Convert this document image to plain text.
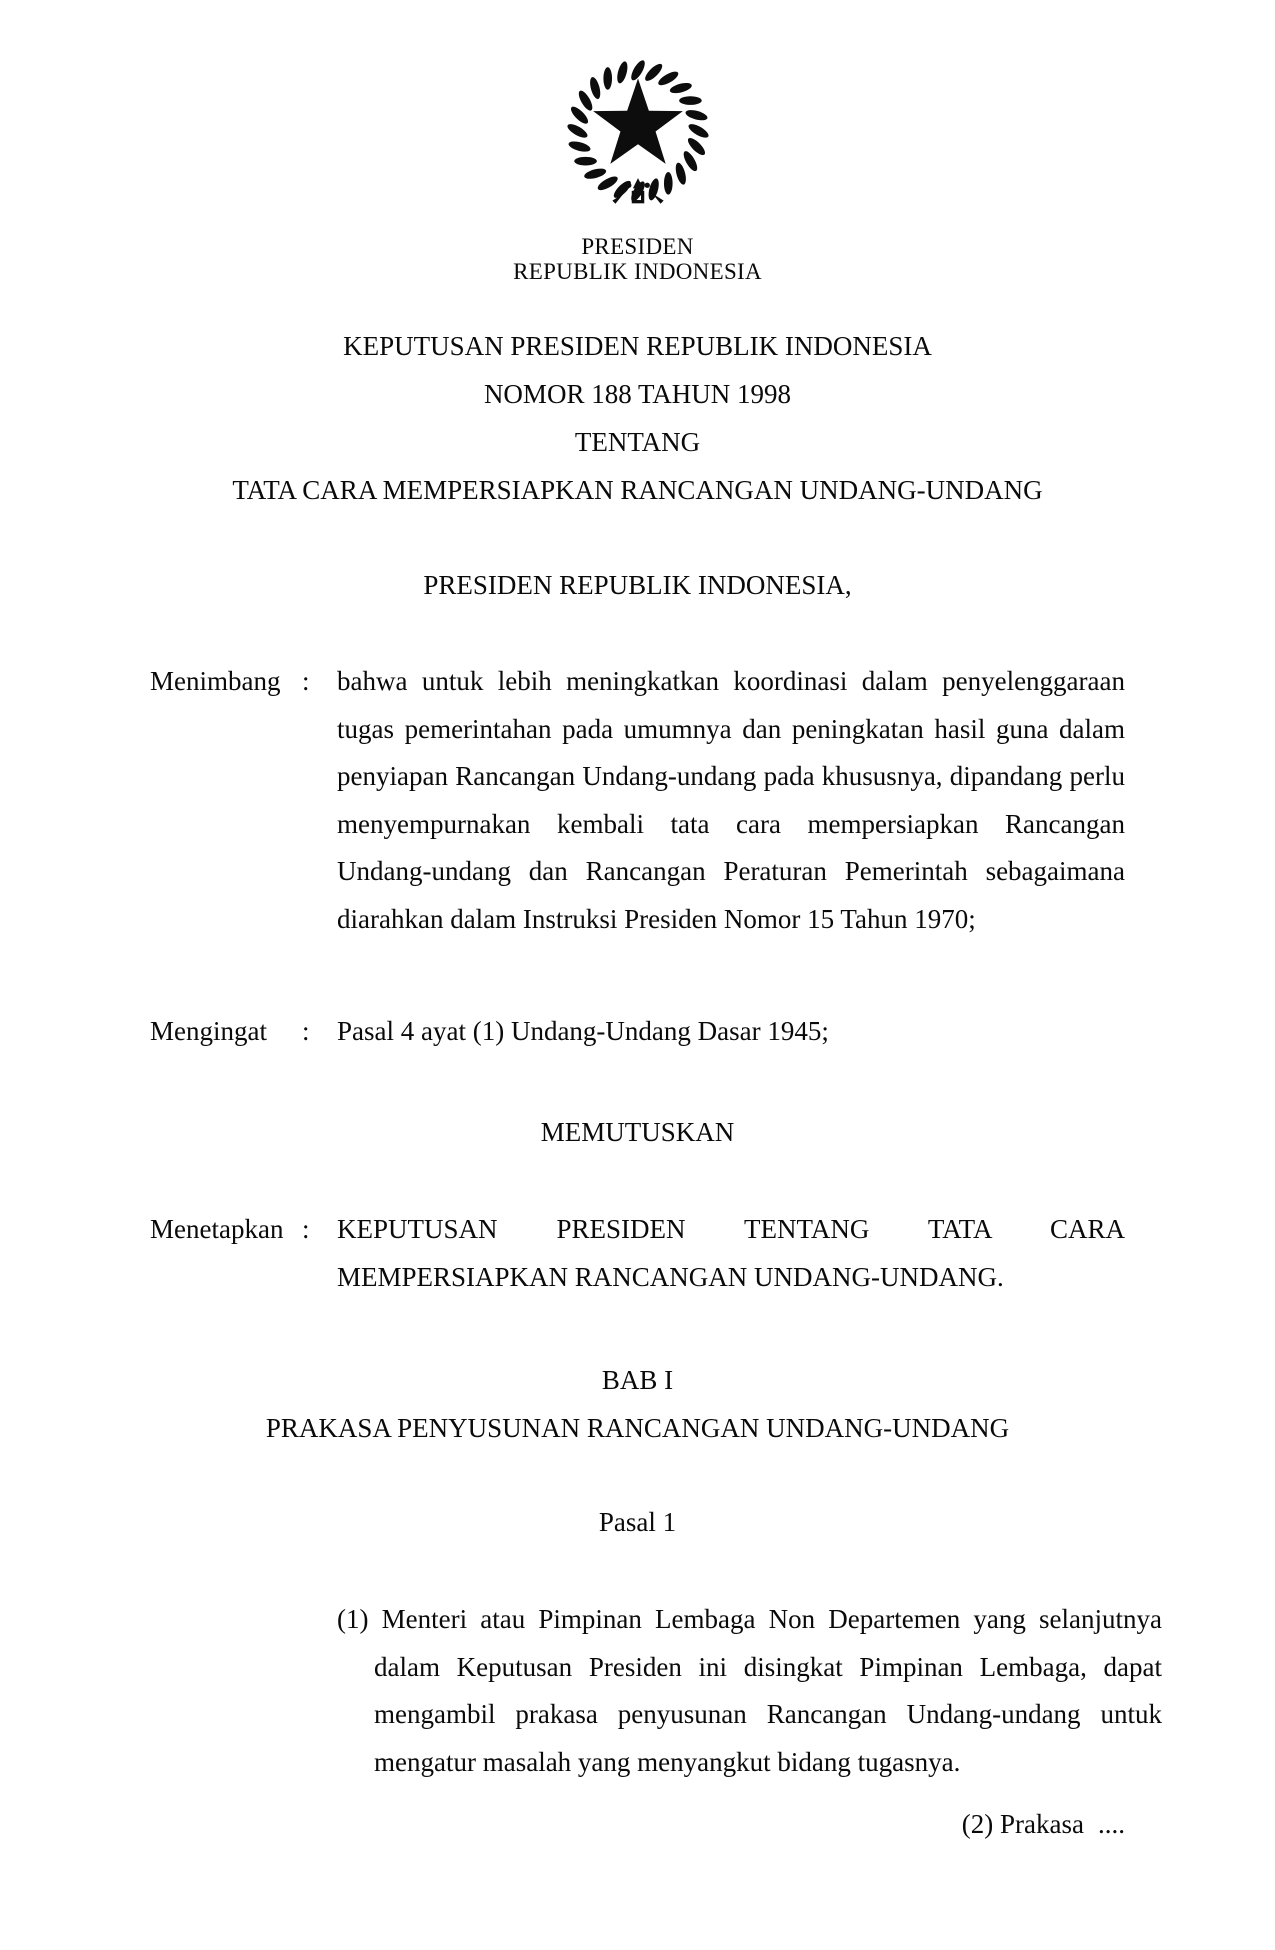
PRESIDEN
REPUBLIK INDONESIA
KEPUTUSAN PRESIDEN REPUBLIK INDONESIA
NOMOR 188 TAHUN 1998
TENTANG
TATA CARA MEMPERSIAPKAN RANCANGAN UNDANG-UNDANG
PRESIDEN REPUBLIK INDONESIA,
Menimbang :	bahwa untuk lebih meningkatkan koordinasi dalam penyelenggaraan tugas pemerintahan pada umumnya dan peningkatan hasil guna dalam penyiapan Rancangan Undang-undang pada khususnya, dipandang perlu menyempurnakan kembali tata cara mempersiapkan Rancangan Undang-undang dan Rancangan Peraturan Pemerintah sebagaimana diarahkan dalam Instruksi Presiden Nomor 15 Tahun 1970;
Mengingat	:	Pasal 4 ayat (1) Undang-Undang Dasar 1945;
MEMUTUSKAN
Menetapkan :	KEPUTUSAN PRESIDEN TENTANG TATA CARA MEMPERSIAPKAN RANCANGAN UNDANG-UNDANG.
BAB I
PRAKASA PENYUSUNAN RANCANGAN UNDANG-UNDANG
Pasal 1
(1) Menteri atau Pimpinan Lembaga Non Departemen yang selanjutnya dalam Keputusan Presiden ini disingkat Pimpinan Lembaga, dapat mengambil prakasa penyusunan Rancangan Undang-undang untuk mengatur masalah yang menyangkut bidang tugasnya.
(2) Prakasa ....
